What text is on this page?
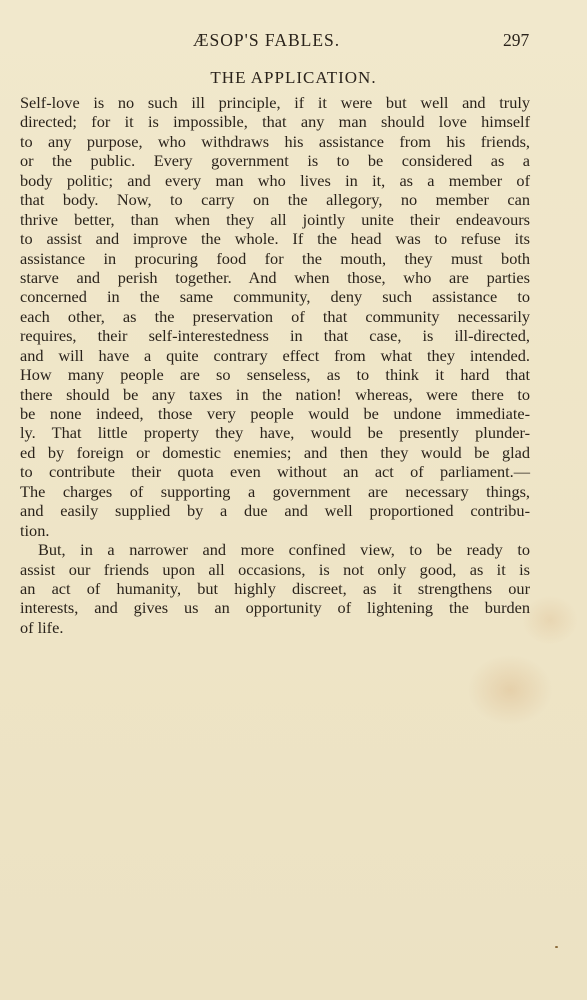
ÆSOP'S FABLES.	297
THE APPLICATION.
Self-love is no such ill principle, if it were but well and truly
directed; for it is impossible, that any man should love himself
to any purpose, who withdraws his assistance from his friends,
or the public. Every government is to be considered as a
body politic; and every man who lives in it, as a member of
that body. Now, to carry on the allegory, no member can
thrive better, than when they all jointly unite their endeavours
to assist and improve the whole. If the head was to refuse its
assistance in procuring food for the mouth, they must both
starve and perish together. And when those, who are parties
concerned in the same community, deny such assistance to
each other, as the preservation of that community necessarily
requires, their self-interestedness in that case, is ill-directed,
and will have a quite contrary effect from what they intended.
How many people are so senseless, as to think it hard that
there should be any taxes in the nation! whereas, were there to
be none indeed, those very people would be undone immediate-
ly. That little property they have, would be presently plunder-
ed by foreign or domestic enemies; and then they would be glad
to contribute their quota even without an act of parliament.—
The charges of supporting a government are necessary things,
and easily supplied by a due and well proportioned contribu-
tion.
But, in a narrower and more confined view, to be ready to
assist our friends upon all occasions, is not only good, as it is
an act of humanity, but highly discreet, as it strengthens our
interests, and gives us an opportunity of lightening the burden
of life.
